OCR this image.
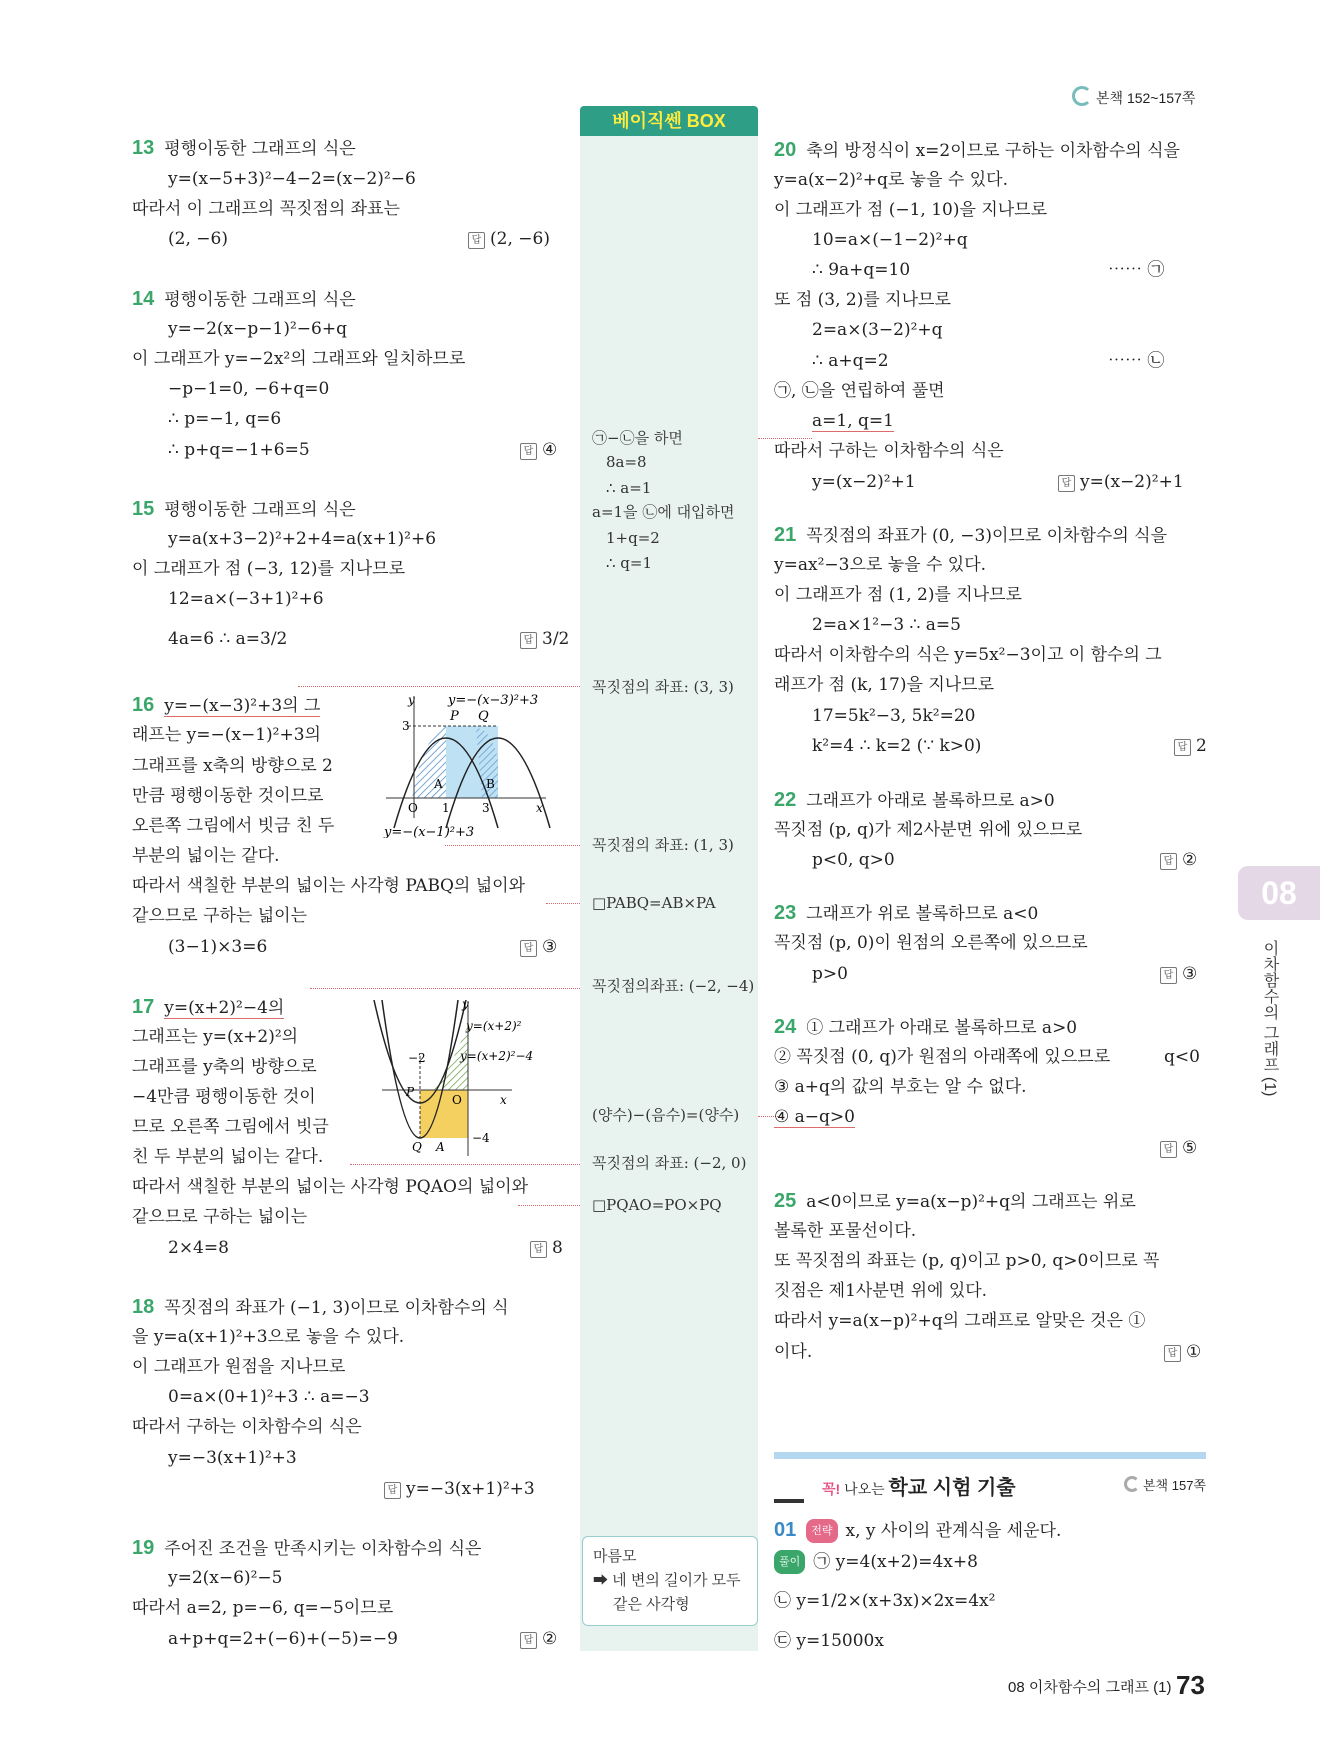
본책 152~157쪽
베이직쎈 BOX
㉠−㉡을 하면
8a=8
∴ a=1
a=1을 ㉡에 대입하면
1+q=2
∴ q=1
꼭짓점의 좌표: (3, 3)
꼭짓점의 좌표: (1, 3)
□PABQ=AB×PA
꼭짓점의좌표: (−2, −4)
(양수)−(음수)=(양수)
꼭짓점의 좌표: (−2, 0)
□PQAO=PO×PQ
마름모
➡ 네 변의 길이가 모두
같은 사각형
13 평행이동한 그래프의 식은
y=(x−5+3)²−4−2=(x−2)²−6
따라서 이 그래프의 꼭짓점의 좌표는
(2, −6)	답 (2, −6)
14 평행이동한 그래프의 식은
y=−2(x−p−1)²−6+q
이 그래프가 y=−2x²의 그래프와 일치하므로
−p−1=0, −6+q=0
∴ p=−1, q=6
∴ p+q=−1+6=5	답 ④
15 평행이동한 그래프의 식은
y=a(x+3−2)²+2+4=a(x+1)²+6
이 그래프가 점 (−3, 12)를 지나므로
12=a×(−3+1)²+6
4a=6 ∴ a=3/2	답 3/2
16 y=−(x−3)²+3의 그
래프는 y=−(x−1)²+3의
그래프를 x축의 방향으로 2
만큼 평행이동한 것이므로
오른쪽 그림에서 빗금 친 두
부분의 넓이는 같다.
따라서 색칠한 부분의 넓이는 사각형 PABQ의 넓이와
같으므로 구하는 넓이는
(3−1)×3=6	답 ③
P Q
3
A	B
O 1	3	x
y	y=−(x−3)²+3
y=−(x−1)²+3
17 y=(x+2)²−4의
그래프는 y=(x+2)²의
그래프를 y축의 방향으로
−4만큼 평행이동한 것이
므로 오른쪽 그림에서 빗금
친 두 부분의 넓이는 같다.
따라서 색칠한 부분의 넓이는 사각형 PQAO의 넓이와
같으므로 구하는 넓이는
2×4=8	답 8
−2
P
O	x
Q A
−4
y
y=(x+2)²
y=(x+2)²−4
18 꼭짓점의 좌표가 (−1, 3)이므로 이차함수의 식
을 y=a(x+1)²+3으로 놓을 수 있다.
이 그래프가 원점을 지나므로
0=a×(0+1)²+3 ∴ a=−3
따라서 구하는 이차함수의 식은
y=−3(x+1)²+3
답 y=−3(x+1)²+3
19 주어진 조건을 만족시키는 이차함수의 식은
y=2(x−6)²−5
따라서 a=2, p=−6, q=−5이므로
a+p+q=2+(−6)+(−5)=−9	답 ②
20 축의 방정식이 x=2이므로 구하는 이차함수의 식을
y=a(x−2)²+q로 놓을 수 있다.
이 그래프가 점 (−1, 10)을 지나므로
10=a×(−1−2)²+q
∴ 9a+q=10	⋯⋯ ㉠
또 점 (3, 2)를 지나므로
2=a×(3−2)²+q
∴ a+q=2	⋯⋯ ㉡
㉠, ㉡을 연립하여 풀면
a=1, q=1
따라서 구하는 이차함수의 식은
y=(x−2)²+1	답 y=(x−2)²+1
21 꼭짓점의 좌표가 (0, −3)이므로 이차함수의 식을
y=ax²−3으로 놓을 수 있다.
이 그래프가 점 (1, 2)를 지나므로
2=a×1²−3 ∴ a=5
따라서 이차함수의 식은 y=5x²−3이고 이 함수의 그
래프가 점 (k, 17)을 지나므로
17=5k²−3, 5k²=20
k²=4 ∴ k=2 (∵ k>0)	답 2
22 그래프가 아래로 볼록하므로 a>0
꼭짓점 (p, q)가 제2사분면 위에 있으므로
p<0, q>0	답 ②
23 그래프가 위로 볼록하므로 a<0
꼭짓점 (p, 0)이 원점의 오른쪽에 있으므로
p>0	답 ③
24 ① 그래프가 아래로 볼록하므로 a>0
② 꼭짓점 (0, q)가 원점의 아래쪽에 있으므로	q<0
③ a+q의 값의 부호는 알 수 없다.
④ a−q>0
답 ⑤
25 a<0이므로 y=a(x−p)²+q의 그래프는 위로
볼록한 포물선이다.
또 꼭짓점의 좌표는 (p, q)이고 p>0, q>0이므로 꼭
짓점은 제1사분면 위에 있다.
따라서 y=a(x−p)²+q의 그래프로 알맞은 것은 ①
이다.	답 ①
꼭! 나오는 학교 시험 기출	본책 157쪽
01 전략 x, y 사이의 관계식을 세운다.
풀이 ㉠ y=4(x+2)=4x+8
㉡ y=1/2×(x+3x)×2x=4x²
㉢ y=15000x
08
이차함수의 그래프 (1)
08 이차함수의 그래프 (1) 73
